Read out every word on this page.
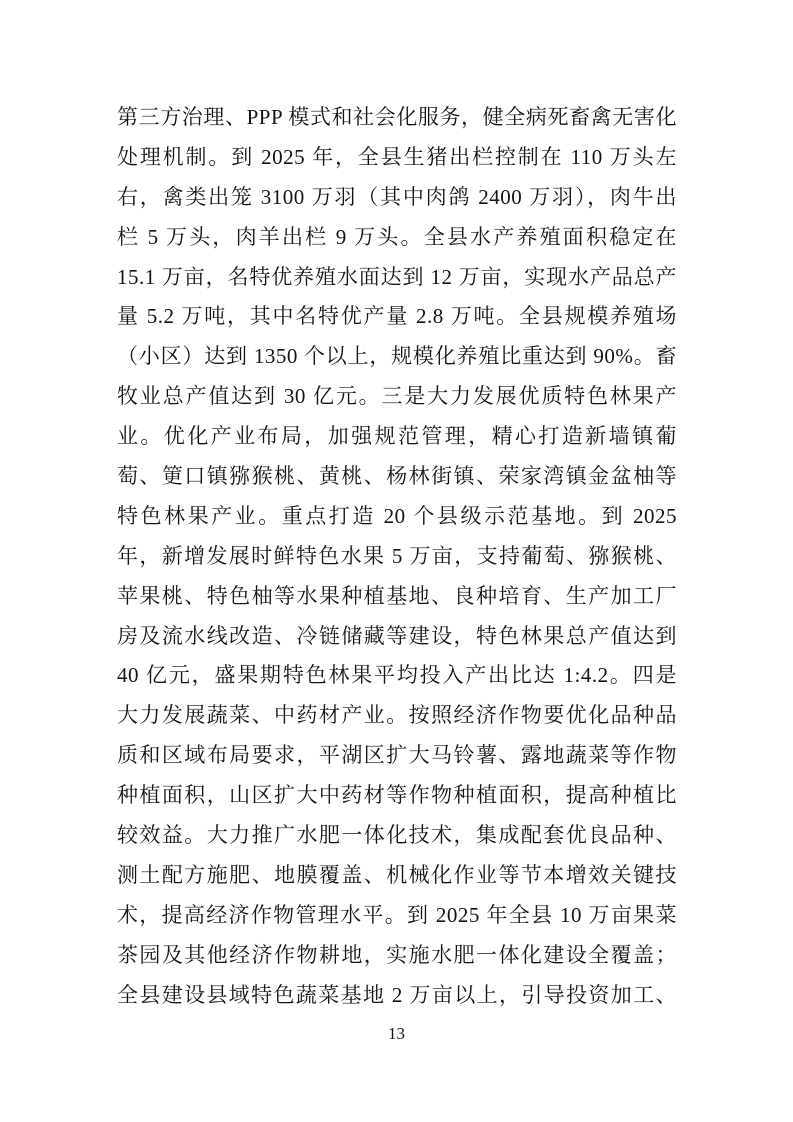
第三方治理、PPP 模式和社会化服务，健全病死畜禽无害化
处理机制。到 2025 年，全县生猪出栏控制在 110 万头左
右，禽类出笼 3100 万羽（其中肉鸽 2400 万羽），肉牛出
栏 5 万头，肉羊出栏 9 万头。全县水产养殖面积稳定在
15.1 万亩，名特优养殖水面达到 12 万亩，实现水产品总产
量 5.2 万吨，其中名特优产量 2.8 万吨。全县规模养殖场
（小区）达到 1350 个以上，规模化养殖比重达到 90%。畜
牧业总产值达到 30 亿元。三是大力发展优质特色林果产
业。优化产业布局，加强规范管理，精心打造新墙镇葡
萄、筻口镇猕猴桃、黄桃、杨林街镇、荣家湾镇金盆柚等
特色林果产业。重点打造 20 个县级示范基地。到 2025
年，新增发展时鲜特色水果 5 万亩，支持葡萄、猕猴桃、
苹果桃、特色柚等水果种植基地、良种培育、生产加工厂
房及流水线改造、冷链储藏等建设，特色林果总产值达到
40 亿元，盛果期特色林果平均投入产出比达 1:4.2。四是
大力发展蔬菜、中药材产业。按照经济作物要优化品种品
质和区域布局要求，平湖区扩大马铃薯、露地蔬菜等作物
种植面积，山区扩大中药材等作物种植面积，提高种植比
较效益。大力推广水肥一体化技术，集成配套优良品种、
测土配方施肥、地膜覆盖、机械化作业等节本增效关键技
术，提高经济作物管理水平。到 2025 年全县 10 万亩果菜
茶园及其他经济作物耕地，实施水肥一体化建设全覆盖；
全县建设县域特色蔬菜基地 2 万亩以上，引导投资加工、
13
